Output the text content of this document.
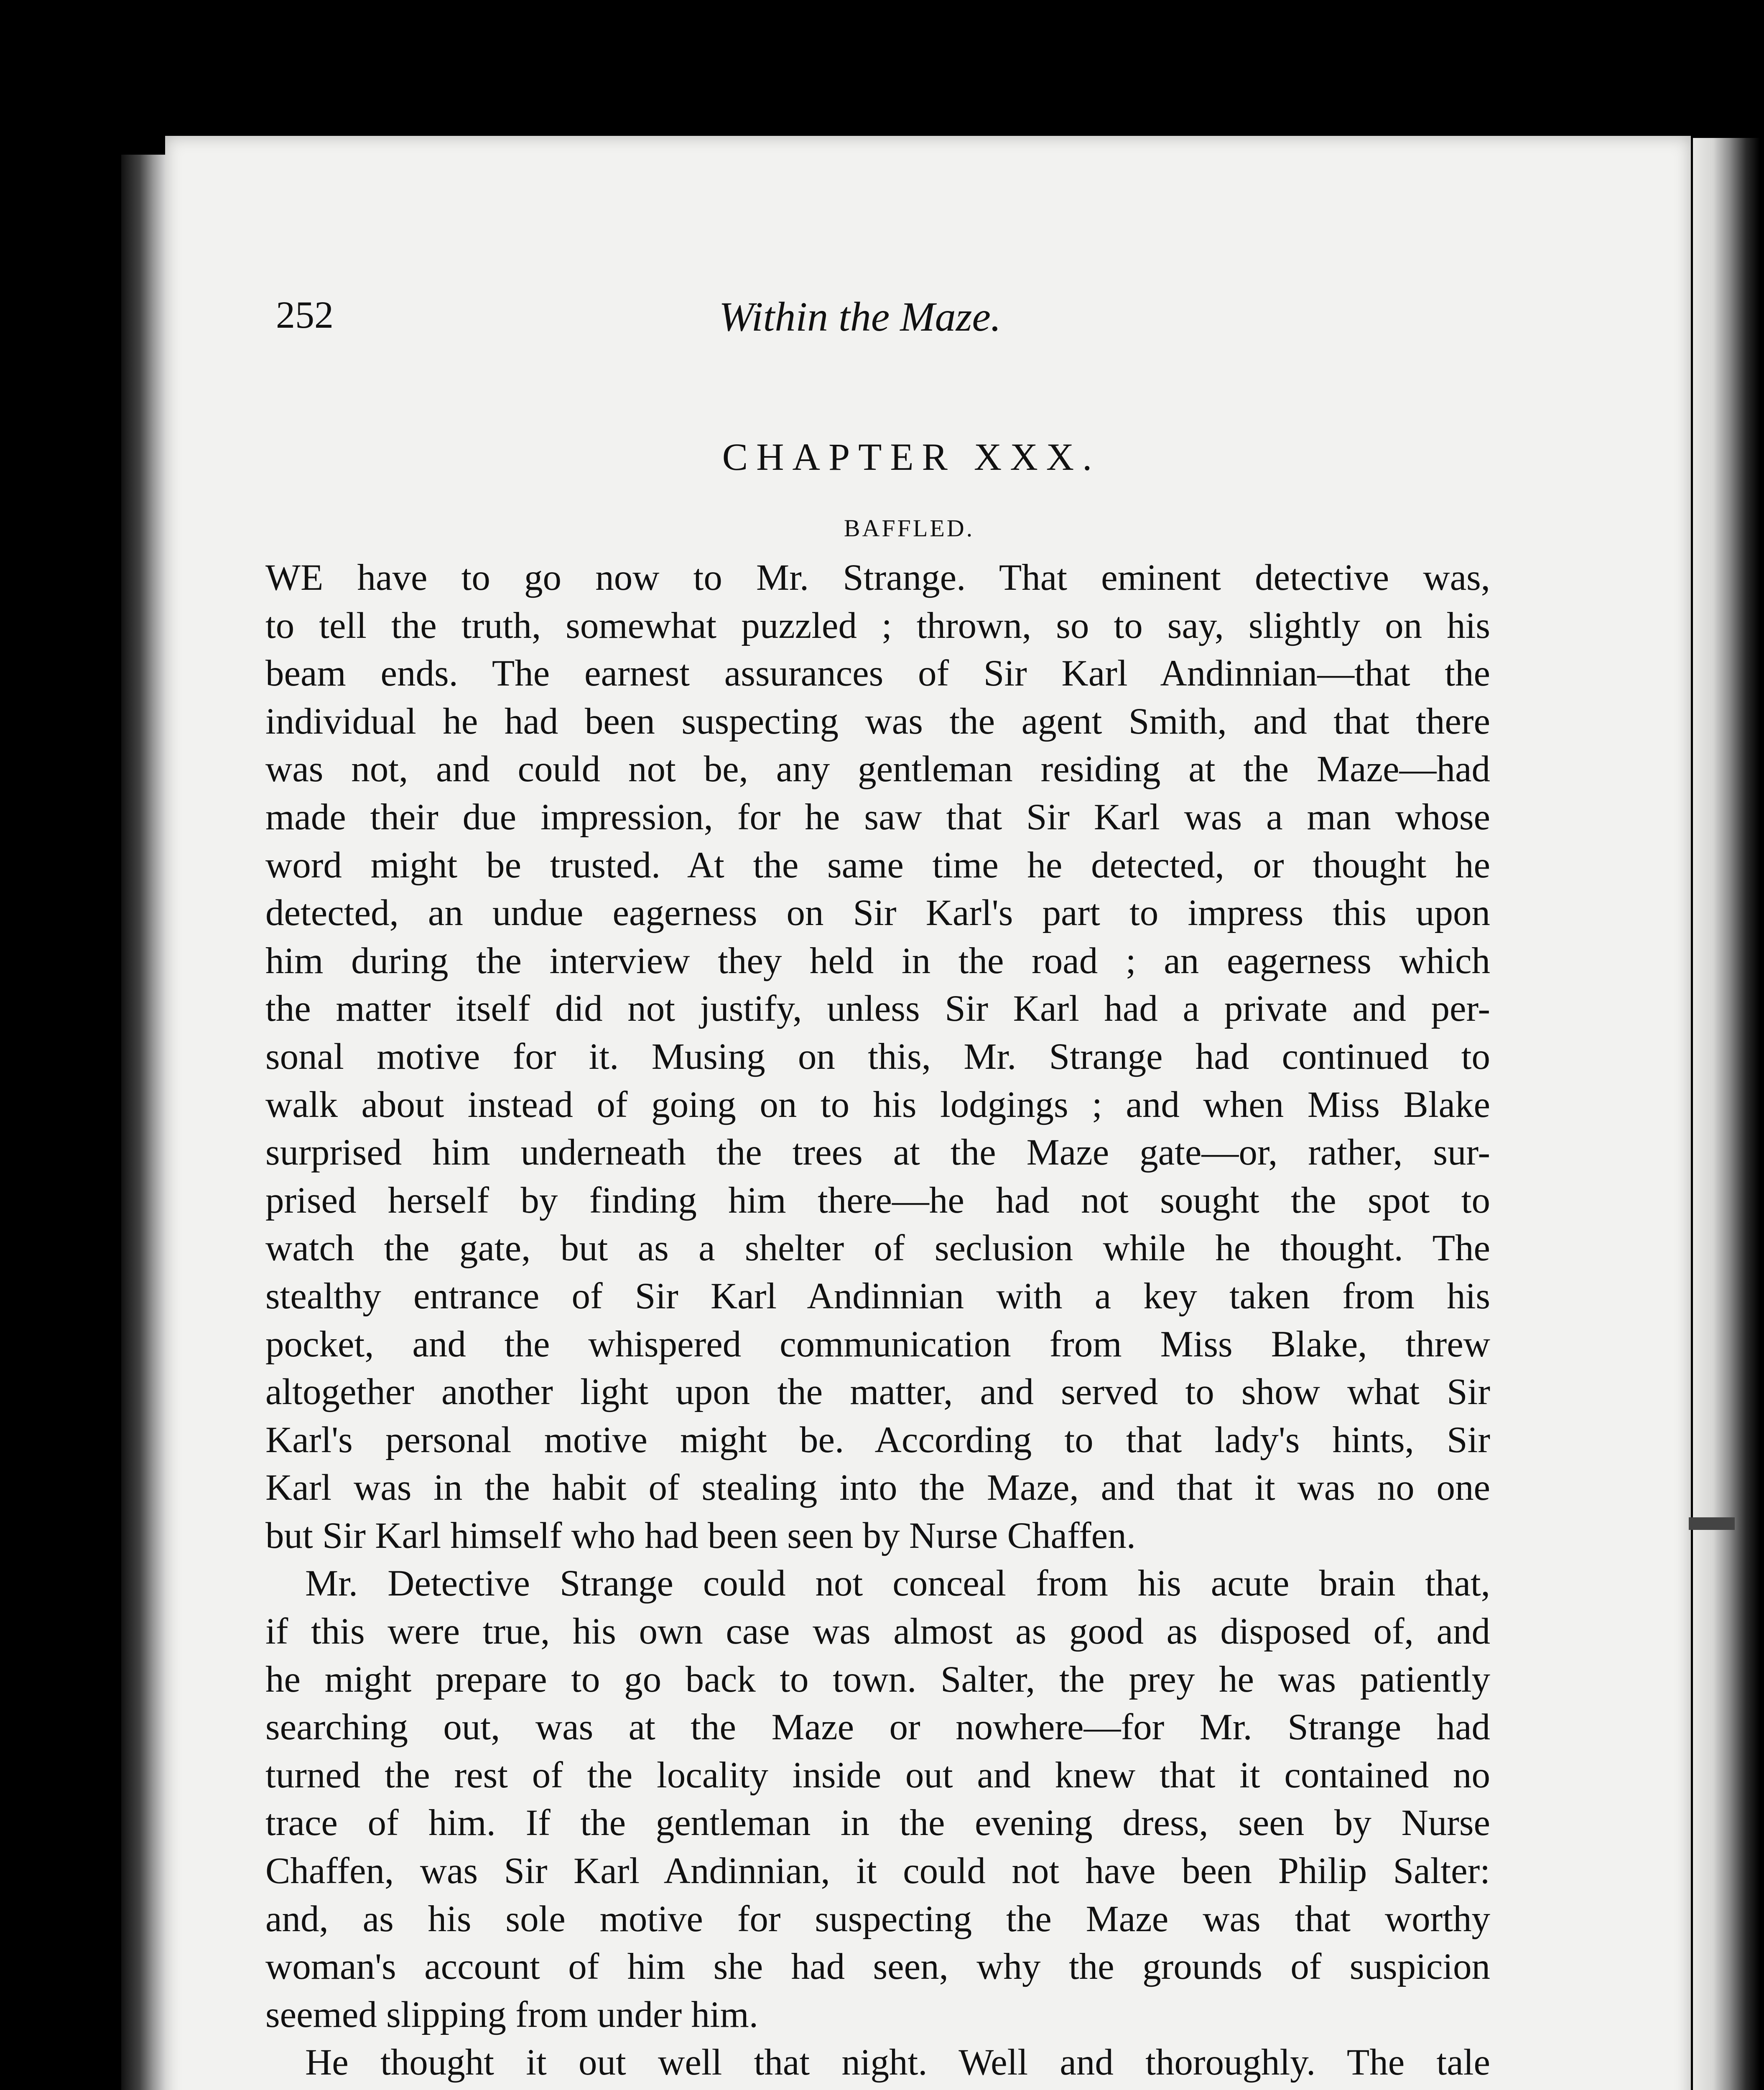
252	Within the Maze.
CHAPTER XXX.
BAFFLED.
WE have to go now to Mr. Strange. That eminent detective was,
to tell the truth, somewhat puzzled ; thrown, so to say, slightly on his
beam ends. The earnest assurances of Sir Karl Andinnian—that the
individual he had been suspecting was the agent Smith, and that there
was not, and could not be, any gentleman residing at the Maze—had
made their due impression, for he saw that Sir Karl was a man whose
word might be trusted. At the same time he detected, or thought he
detected, an undue eagerness on Sir Karl's part to impress this upon
him during the interview they held in the road ; an eagerness which
the matter itself did not justify, unless Sir Karl had a private and per-
sonal motive for it. Musing on this, Mr. Strange had continued to
walk about instead of going on to his lodgings ; and when Miss Blake
surprised him underneath the trees at the Maze gate—or, rather, sur-
prised herself by finding him there—he had not sought the spot to
watch the gate, but as a shelter of seclusion while he thought. The
stealthy entrance of Sir Karl Andinnian with a key taken from his
pocket, and the whispered communication from Miss Blake, threw
altogether another light upon the matter, and served to show what Sir
Karl's personal motive might be. According to that lady's hints, Sir
Karl was in the habit of stealing into the Maze, and that it was no one
but Sir Karl himself who had been seen by Nurse Chaffen.
Mr. Detective Strange could not conceal from his acute brain that,
if this were true, his own case was almost as good as disposed of, and
he might prepare to go back to town. Salter, the prey he was patiently
searching out, was at the Maze or nowhere—for Mr. Strange had
turned the rest of the locality inside out and knew that it contained no
trace of him. If the gentleman in the evening dress, seen by Nurse
Chaffen, was Sir Karl Andinnian, it could not have been Philip Salter:
and, as his sole motive for suspecting the Maze was that worthy
woman's account of him she had seen, why the grounds of suspicion
seemed slipping from under him.
He thought it out well that night. Well and thoroughly. The tale
